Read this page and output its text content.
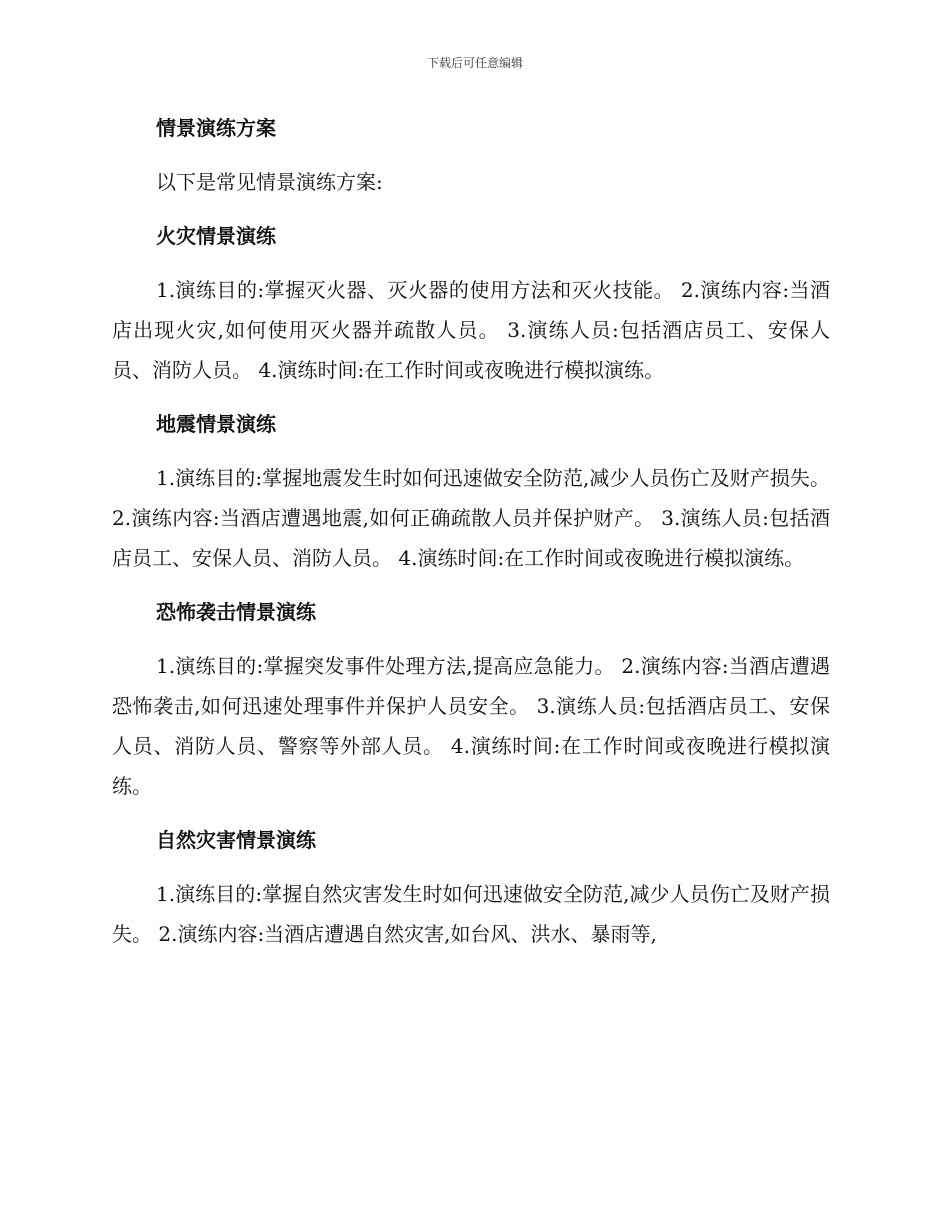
下载后可任意编辑
情景演练方案
以下是常见情景演练方案:
火灾情景演练
1.演练目的:掌握灭火器、灭火器的使用方法和灭火技能。 2.演练内容:当酒店出现火灾,如何使用灭火器并疏散人员。 3.演练人员:包括酒店员工、安保人员、消防人员。 4.演练时间:在工作时间或夜晚进行模拟演练。
地震情景演练
1.演练目的:掌握地震发生时如何迅速做安全防范,减少人员伤亡及财产损失。 2.演练内容:当酒店遭遇地震,如何正确疏散人员并保护财产。 3.演练人员:包括酒店员工、安保人员、消防人员。 4.演练时间:在工作时间或夜晚进行模拟演练。
恐怖袭击情景演练
1.演练目的:掌握突发事件处理方法,提高应急能力。 2.演练内容:当酒店遭遇恐怖袭击,如何迅速处理事件并保护人员安全。 3.演练人员:包括酒店员工、安保人员、消防人员、警察等外部人员。 4.演练时间:在工作时间或夜晚进行模拟演练。
自然灾害情景演练
1.演练目的:掌握自然灾害发生时如何迅速做安全防范,减少人员伤亡及财产损失。 2.演练内容:当酒店遭遇自然灾害,如台风、洪水、暴雨等,
